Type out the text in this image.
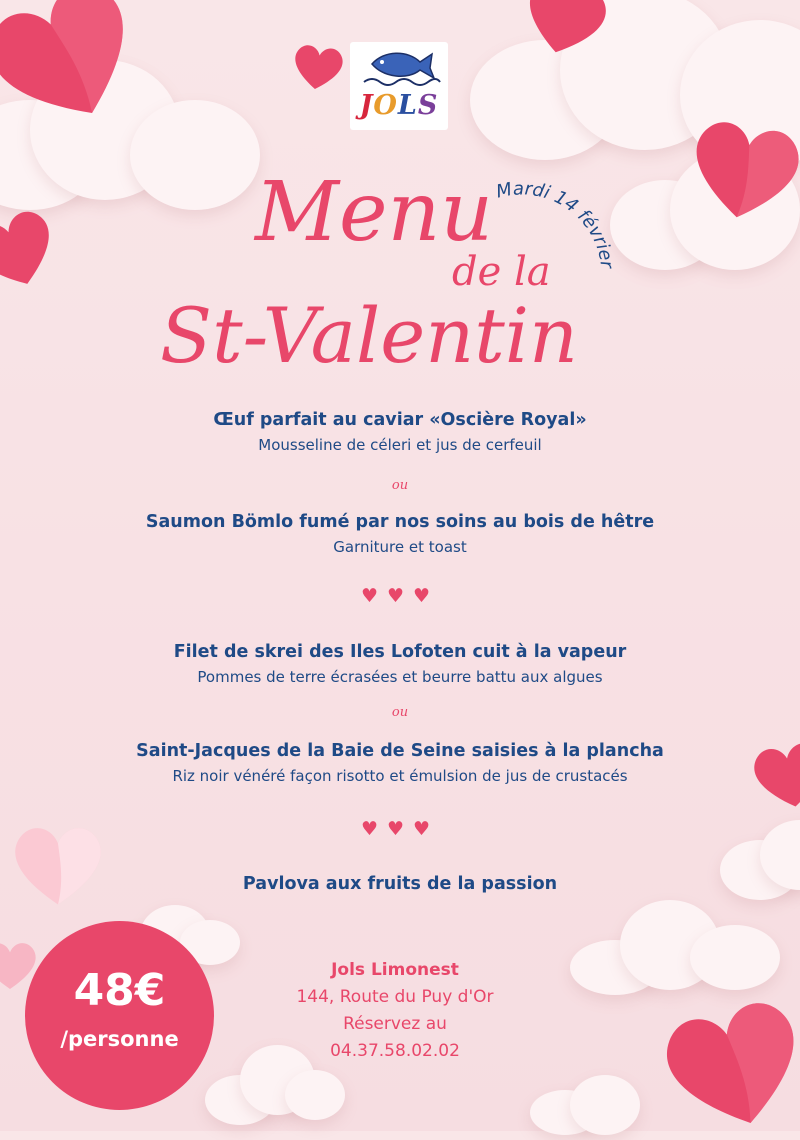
JOLS
Menu
de la
St-Valentin
Mardi 14 février

Œuf parfait au caviar «Oscière Royal»

Mousseline de céleri et jus de cerfeuil

ou

Saumon Bömlo fumé par nos soins au bois de hêtre

Garniture et toast

♥♥♥

Filet de skrei des Iles Lofoten cuit à la vapeur

Pommes de terre écrasées et beurre battu aux algues

ou

Saint-Jacques de la Baie de Seine saisies à la plancha

Riz noir vénéré façon risotto et émulsion de jus de crustacés

♥♥♥

Pavlova aux fruits de la passion

48€
/personne
Jols Limonest
144, Route du Puy d'Or
Réservez au
04.37.58.02.02
